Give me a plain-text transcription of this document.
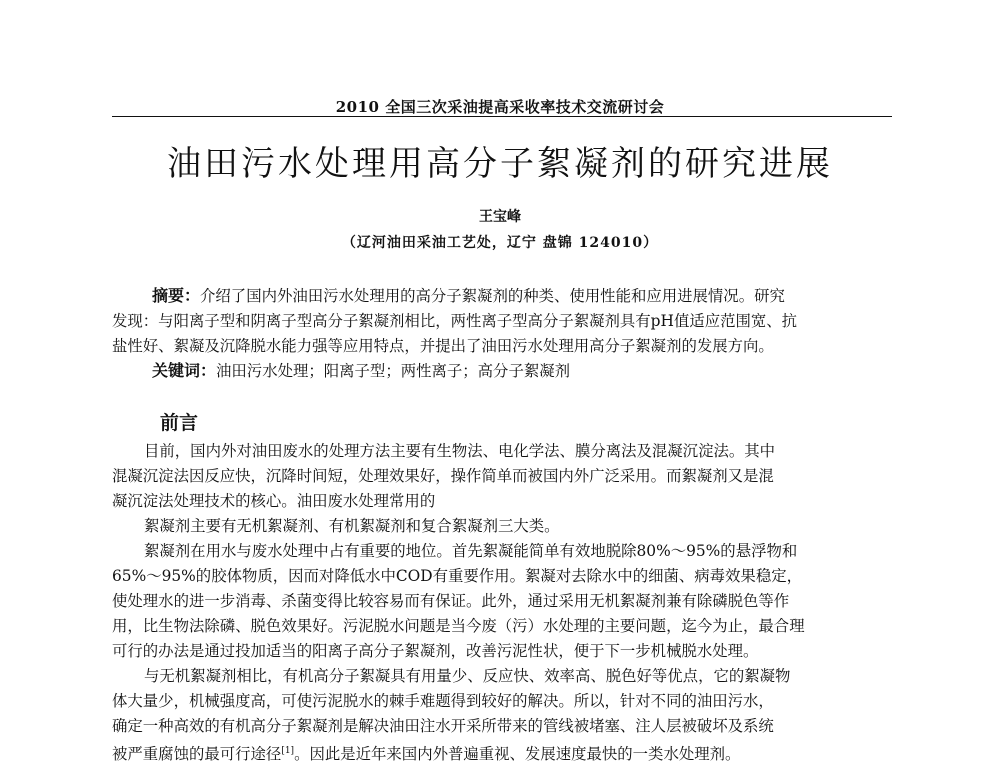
2010 全国三次采油提高采收率技术交流研讨会
油田污水处理用高分子絮凝剂的研究进展
王宝峰
（辽河油田采油工艺处，辽宁 盘锦 124010）
摘要：介绍了国内外油田污水处理用的高分子絮凝剂的种类、使用性能和应用进展情况。研究
发现：与阳离子型和阴离子型高分子絮凝剂相比，两性离子型高分子絮凝剂具有pH值适应范围宽、抗
盐性好、絮凝及沉降脱水能力强等应用特点，并提出了油田污水处理用高分子絮凝剂的发展方向。
关键词：油田污水处理；阳离子型；两性离子；高分子絮凝剂
前言
目前，国内外对油田废水的处理方法主要有生物法、电化学法、膜分离法及混凝沉淀法。其中
混凝沉淀法因反应快，沉降时间短，处理效果好，操作简单而被国内外广泛采用。而絮凝剂又是混
凝沉淀法处理技术的核心。油田废水处理常用的
絮凝剂主要有无机絮凝剂、有机絮凝剂和复合絮凝剂三大类。
絮凝剂在用水与废水处理中占有重要的地位。首先絮凝能简单有效地脱除80%～95%的悬浮物和
65%～95%的胶体物质，因而对降低水中COD有重要作用。絮凝对去除水中的细菌、病毒效果稳定，
使处理水的进一步消毒、杀菌变得比较容易而有保证。此外，通过采用无机絮凝剂兼有除磷脱色等作
用，比生物法除磷、脱色效果好。污泥脱水问题是当今废（污）水处理的主要问题，迄今为止，最合理
可行的办法是通过投加适当的阳离子高分子絮凝剂，改善污泥性状，便于下一步机械脱水处理。
与无机絮凝剂相比，有机高分子絮凝具有用量少、反应快、效率高、脱色好等优点，它的絮凝物
体大量少，机械强度高，可使污泥脱水的棘手难题得到较好的解决。所以，针对不同的油田污水，
确定一种高效的有机高分子絮凝剂是解决油田注水开采所带来的管线被堵塞、注人层被破坏及系统
被严重腐蚀的最可行途径[1]。因此是近年来国内外普遍重视、发展速度最快的一类水处理剂。
